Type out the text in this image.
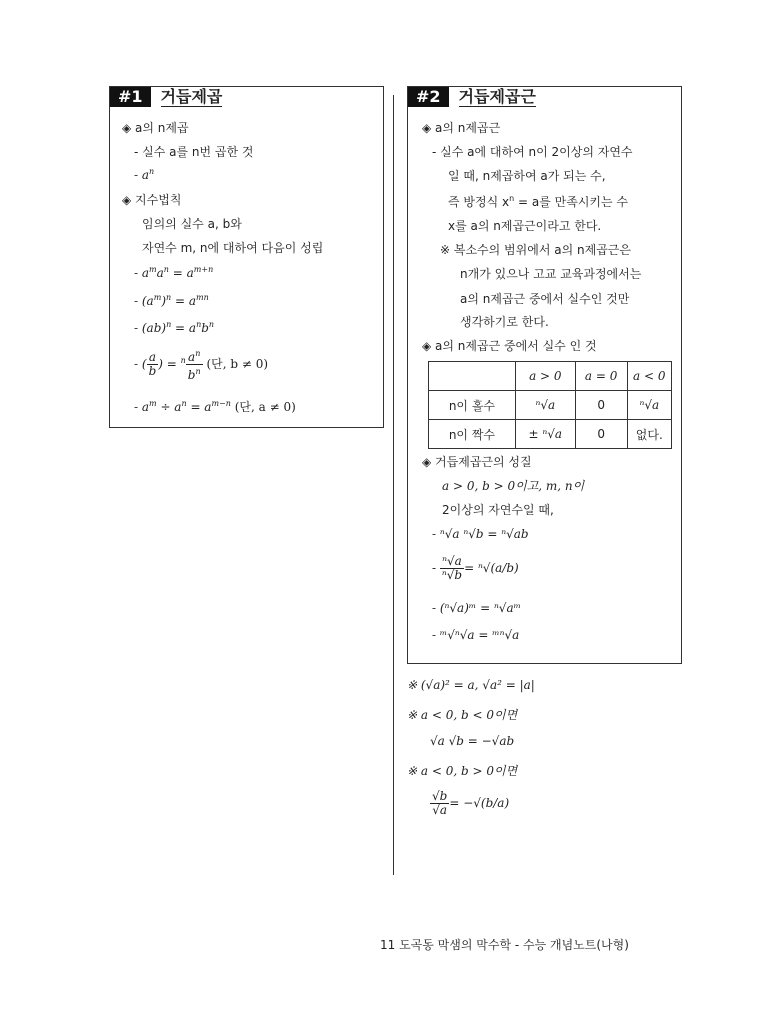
#1	거듭제곱
◈ a의 n제곱
- 실수 a를 n번 곱한 것
- $a^n$
◈ 지수법칙
임의의 실수 a, b와
자연수 m, n에 대하여 다음이 성립
- $a^ma^n = a^{m+n}$
- $(a^m)^n = a^{mn}$
- $(ab)^n = a^nb^n$
- ( $\frac{a}{b}$ ) = $^n \frac{a^n}{b^n}$ (단, b ≠ 0)
- $a^m \div a^n = a^{m-n}$ (단, a ≠ 0)
#2	거듭제곱근
◈ a의 n제곱근
- 실수 a에 대하여 n이 2이상의 자연수
일 때, n제곱하여 a가 되는 수,
즉 방정식 $x^n = a$를 만족시키는 수
x를 a의 n제곱근이라고 한다.
※ 복소수의 범위에서 a의 n제곱근은
n개가 있으나 고교 교육과정에서는
a의 n제곱근 중에서 실수인 것만
생각하기로 한다.
◈ a의 n제곱근 중에서 실수 인 것
	a > 0	a = 0	a < 0
n이 홀수	ⁿ√a	0	ⁿ√a
n이 짝수	± ⁿ√a	0	없다.
◈ 거듭제곱근의 성질
a > 0, b > 0이고, m, n이
2이상의 자연수일 때,
- ⁿ√a ⁿ√b = ⁿ√ab
- $\frac{\text{ⁿ√a}}{\text{ⁿ√b}} = ^n√(a/b)$
- (ⁿ√a)ᵐ = ⁿ√aᵐ
- ᵐ√ⁿ√a = ᵐⁿ√a
※ (√a)² = a, √a² = |a|
※ a < 0, b < 0이면
√a √b = −√ab
※ a < 0, b > 0이면
$\frac{√b}{√a} = -√(b/a)$
11 도곡동 막샘의 막수학 - 수능 개념노트(나형)
